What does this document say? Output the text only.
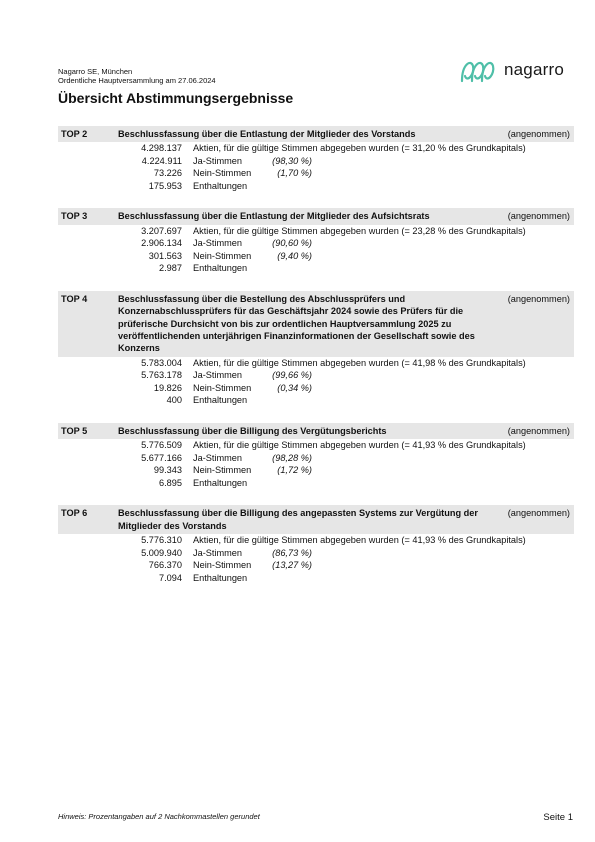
Nagarro SE, München
Ordentliche Hauptversammlung am 27.06.2024
nagarro
Übersicht Abstimmungsergebnisse
TOP 2	Beschlussfassung über die Entlastung der Mitglieder des Vorstands	(angenommen)
4.298.137	Aktien, für die gültige Stimmen abgegeben wurden (= 31,20 % des Grundkapitals)
4.224.911	Ja-Stimmen	(98,30 %)
73.226	Nein-Stimmen	(1,70 %)
175.953	Enthaltungen
TOP 3	Beschlussfassung über die Entlastung der Mitglieder des Aufsichtsrats	(angenommen)
3.207.697	Aktien, für die gültige Stimmen abgegeben wurden (= 23,28 % des Grundkapitals)
2.906.134	Ja-Stimmen	(90,60 %)
301.563	Nein-Stimmen	(9,40 %)
2.987	Enthaltungen
TOP 4	Beschlussfassung über die Bestellung des Abschlussprüfers und Konzernabschlussprüfers für das Geschäftsjahr 2024 sowie des Prüfers für die prüferische Durchsicht von bis zur ordentlichen Hauptversammlung 2025 zu veröffentlichenden unterjährigen Finanzinformationen der Gesellschaft sowie des Konzerns
(angenommen)
5.783.004	Aktien, für die gültige Stimmen abgegeben wurden (= 41,98 % des Grundkapitals)
5.763.178	Ja-Stimmen	(99,66 %)
19.826	Nein-Stimmen	(0,34 %)
400	Enthaltungen
TOP 5	Beschlussfassung über die Billigung des Vergütungsberichts	(angenommen)
5.776.509	Aktien, für die gültige Stimmen abgegeben wurden (= 41,93 % des Grundkapitals)
5.677.166	Ja-Stimmen	(98,28 %)
99.343	Nein-Stimmen	(1,72 %)
6.895	Enthaltungen
TOP 6	Beschlussfassung über die Billigung des angepassten Systems zur Vergütung der Mitglieder des Vorstands
(angenommen)
5.776.310	Aktien, für die gültige Stimmen abgegeben wurden (= 41,93 % des Grundkapitals)
5.009.940	Ja-Stimmen	(86,73 %)
766.370	Nein-Stimmen	(13,27 %)
7.094	Enthaltungen
Hinweis: Prozentangaben auf 2 Nachkommastellen gerundet	Seite 1
